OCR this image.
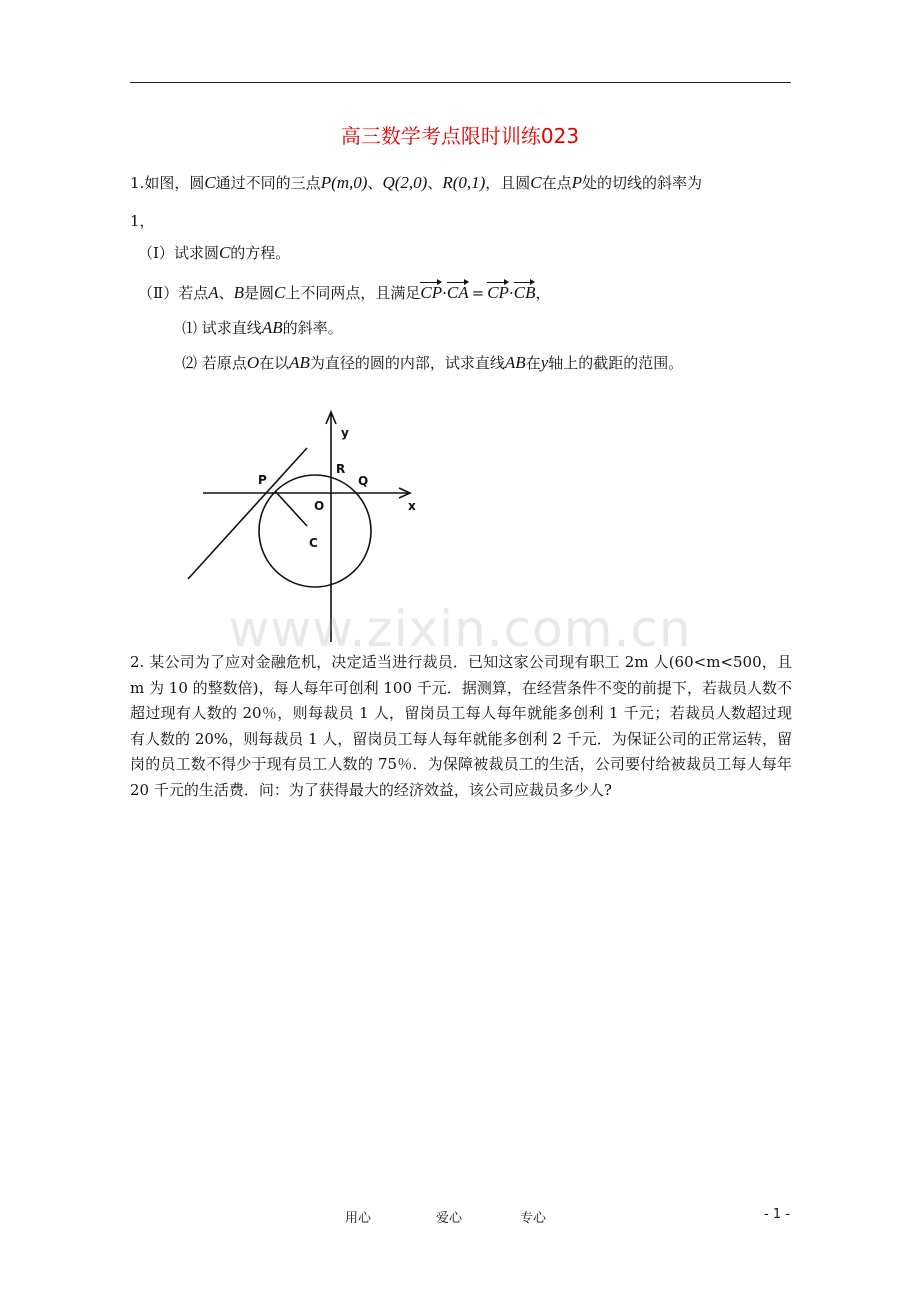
高三数学考点限时训练023
1.如图，圆C通过不同的三点P(m,0)、Q(2,0)、R(0,1)，且圆C在点P处的切线的斜率为
1，
（Ⅰ）试求圆C的方程。
（Ⅱ）若点A、B是圆C上不同两点，且满足CP·CA = CP·CB，
⑴ 试求直线AB的斜率。
⑵ 若原点O在以AB为直径的圆的内部，试求直线AB在y轴上的截距的范围。
y
x
P
R
Q
O
C
www.zixin.com.cn
2. 某公司为了应对金融危机，决定适当进行裁员．已知这家公司现有职工 2m 人(60<m<500，且 m 为 10 的整数倍)，每人每年可创利 100 千元．据测算，在经营条件不变的前提下，若裁员人数不超过现有人数的 20％，则每裁员 1 人，留岗员工每人每年就能多创利 1 千元；若裁员人数超过现有人数的 20%，则每裁员 1 人，留岗员工每人每年就能多创利 2 千元．为保证公司的正常运转，留岗的员工数不得少于现有员工人数的 75％．为保障被裁员工的生活，公司要付给被裁员工每人每年 20 千元的生活费．问：为了获得最大的经济效益，该公司应裁员多少人?
用心	爱心	专心	- 1 -
